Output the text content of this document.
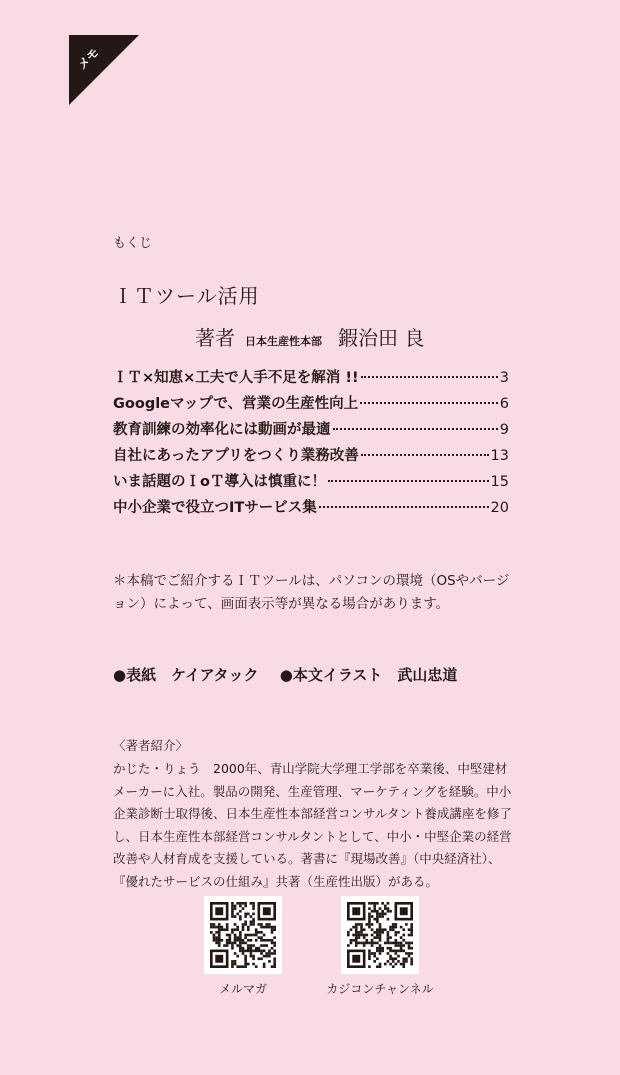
メモ
もくじ
ＩＴツール活用
著者 日本生産性本部 鍜治田 良
ＩＴ×知恵×工夫で人手不足を解消 !!	3
Googleマップで、営業の生産性向上	6
教育訓練の効率化には動画が最適	9
自社にあったアプリをつくり業務改善	13
いま話題のＩoＴ導入は慎重に！	15
中小企業で役立つITサービス集	20
＊本稿でご紹介するＩＴツールは、パソコンの環境（OSやバージョン）によって、画面表示等が異なる場合があります。
●表紙　ケイアタック ●本文イラスト　武山忠道
〈著者紹介〉
かじた・りょう　2000年、青山学院大学理工学部を卒業後、中堅建材メーカーに入社。製品の開発、生産管理、マーケティングを経験。中小企業診断士取得後、日本生産性本部経営コンサルタント養成講座を修了し、日本生産性本部経営コンサルタントとして、中小・中堅企業の経営改善や人材育成を支援している。著書に『現場改善』（中央経済社）、『優れたサービスの仕組み』共著（生産性出版）がある。
メルマガ	カジコンチャンネル
